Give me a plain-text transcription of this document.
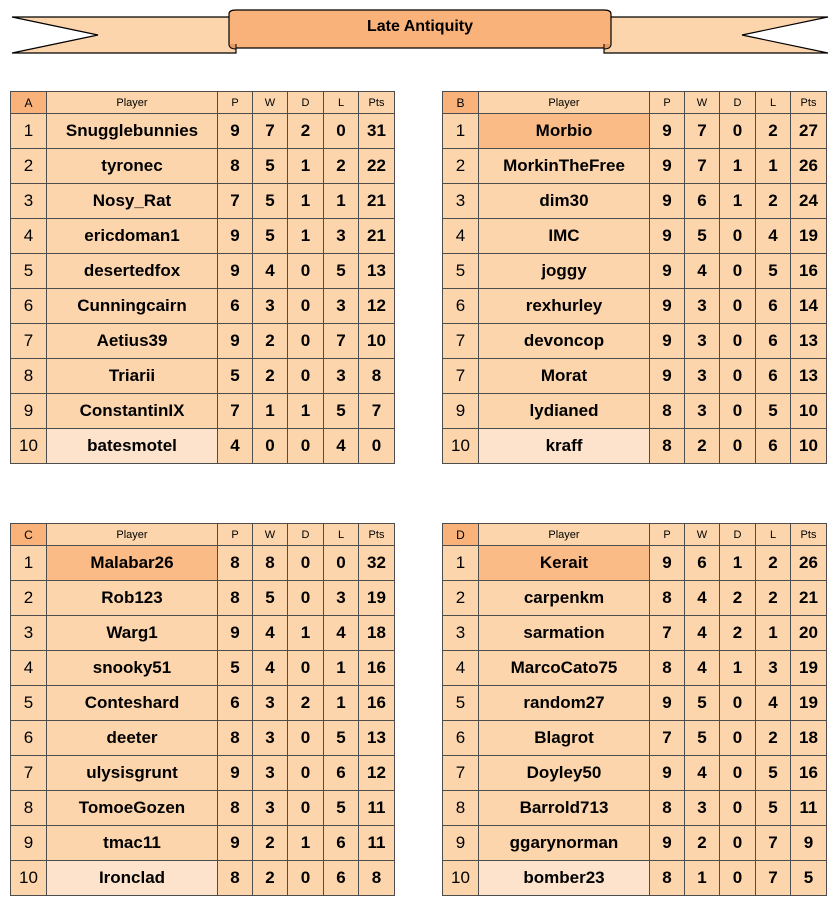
Late Antiquity
A	Player	P	W	D	L	Pts
1	Snugglebunnies	9	7	2	0	31
2	tyronec	8	5	1	2	22
3	Nosy_Rat	7	5	1	1	21
4	ericdoman1	9	5	1	3	21
5	desertedfox	9	4	0	5	13
6	Cunningcairn	6	3	0	3	12
7	Aetius39	9	2	0	7	10
8	Triarii	5	2	0	3	8
9	ConstantinIX	7	1	1	5	7
10	batesmotel	4	0	0	4	0
B	Player	P	W	D	L	Pts
1	Morbio	9	7	0	2	27
2	MorkinTheFree	9	7	1	1	26
3	dim30	9	6	1	2	24
4	IMC	9	5	0	4	19
5	joggy	9	4	0	5	16
6	rexhurley	9	3	0	6	14
7	devoncop	9	3	0	6	13
7	Morat	9	3	0	6	13
9	lydianed	8	3	0	5	10
10	kraff	8	2	0	6	10
C	Player	P	W	D	L	Pts
1	Malabar26	8	8	0	0	32
2	Rob123	8	5	0	3	19
3	Warg1	9	4	1	4	18
4	snooky51	5	4	0	1	16
5	Conteshard	6	3	2	1	16
6	deeter	8	3	0	5	13
7	ulysisgrunt	9	3	0	6	12
8	TomoeGozen	8	3	0	5	11
9	tmac11	9	2	1	6	11
10	Ironclad	8	2	0	6	8
D	Player	P	W	D	L	Pts
1	Kerait	9	6	1	2	26
2	carpenkm	8	4	2	2	21
3	sarmation	7	4	2	1	20
4	MarcoCato75	8	4	1	3	19
5	random27	9	5	0	4	19
6	Blagrot	7	5	0	2	18
7	Doyley50	9	4	0	5	16
8	Barrold713	8	3	0	5	11
9	ggarynorman	9	2	0	7	9
10	bomber23	8	1	0	7	5
